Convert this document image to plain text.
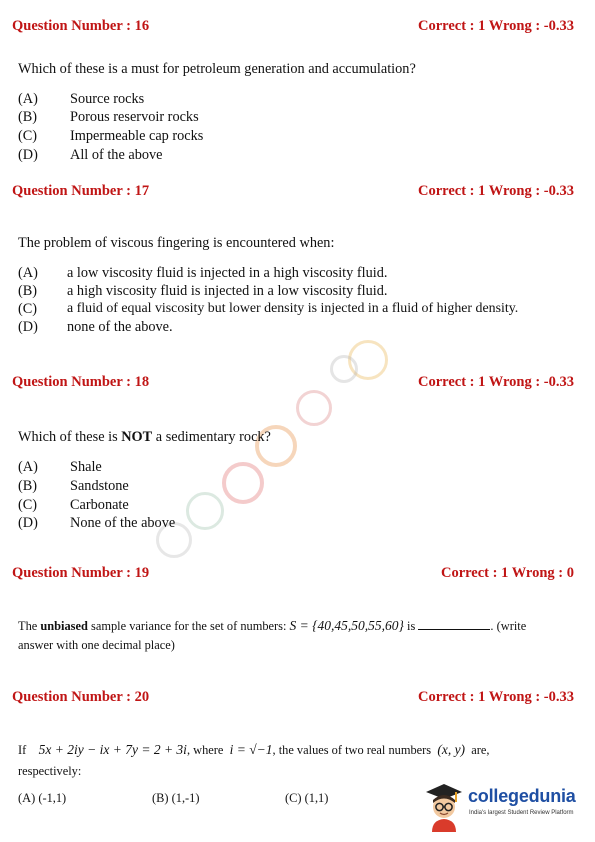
Question Number : 16	Correct : 1 Wrong : -0.33
Which of these is a must for petroleum generation and accumulation?
(A) Source rocks
(B) Porous reservoir rocks
(C) Impermeable cap rocks
(D) All of the above
Question Number : 17	Correct : 1 Wrong : -0.33
The problem of viscous fingering is encountered when:
(A) a low viscosity fluid is injected in a high viscosity fluid.
(B) a high viscosity fluid is injected in a low viscosity fluid.
(C) a fluid of equal viscosity but lower density is injected in a fluid of higher density.
(D) none of the above.
Question Number : 18	Correct : 1 Wrong : -0.33
Which of these is NOT a sedimentary rock?
(A) Shale
(B) Sandstone
(C) Carbonate
(D) None of the above
Question Number : 19	Correct : 1 Wrong : 0
The unbiased sample variance for the set of numbers: S = {40,45,50,55,60} is	. (write
answer with one decimal place)
Question Number : 20	Correct : 1 Wrong : -0.33
If 5x + 2iy − ix + 7y = 2 + 3i, where i = √−1, the values of two real numbers (x, y) are,
respectively:
(A) (-1,1)	(B) (1,-1)	(C) (1,1)	collegedunia
India's largest Student Review Platform
